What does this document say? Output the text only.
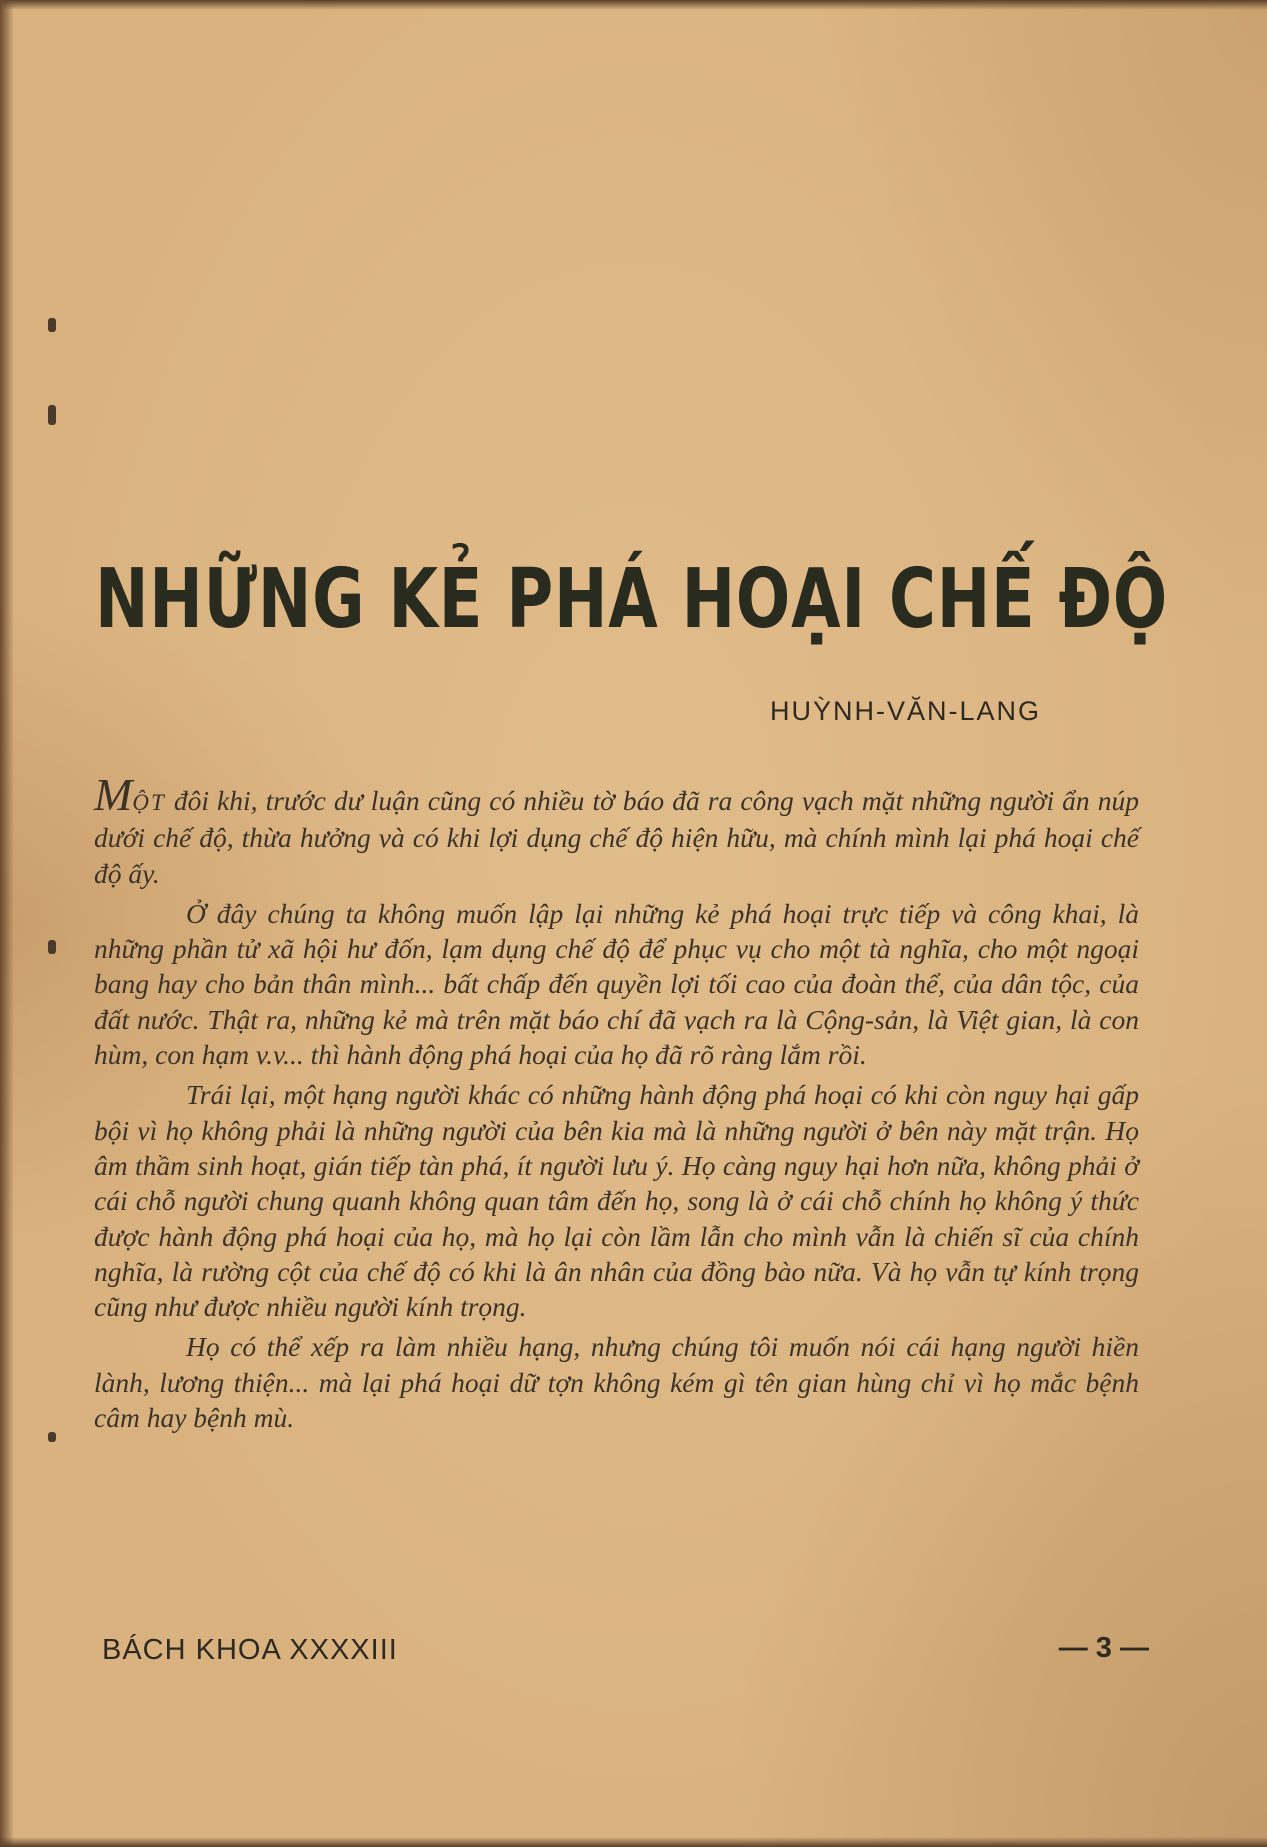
NHỮNG KẺ PHÁ HOẠI CHẾ ĐỘ
HUỲNH-VĂN-LANG

MỘT đôi khi, trước dư luận cũng có nhiều tờ báo đã ra công vạch mặt những người ẩn núp dưới chế độ, thừa hưởng và có khi lợi dụng chế độ hiện hữu, mà chính mình lại phá hoại chế độ ấy.

Ở đây chúng ta không muốn lập lại những kẻ phá hoại trực tiếp và công khai, là những phần tử xã hội hư đốn, lạm dụng chế độ để phục vụ cho một tà nghĩa, cho một ngoại bang hay cho bản thân mình... bất chấp đến quyền lợi tối cao của đoàn thể, của dân tộc, của đất nước. Thật ra, những kẻ mà trên mặt báo chí đã vạch ra là Cộng-sản, là Việt gian, là con hùm, con hạm v.v... thì hành động phá hoại của họ đã rõ ràng lắm rồi.

Trái lại, một hạng người khác có những hành động phá hoại có khi còn nguy hại gấp bội vì họ không phải là những người của bên kia mà là những người ở bên này mặt trận. Họ âm thầm sinh hoạt, gián tiếp tàn phá, ít người lưu ý. Họ càng nguy hại hơn nữa, không phải ở cái chỗ người chung quanh không quan tâm đến họ, song là ở cái chỗ chính họ không ý thức được hành động phá hoại của họ, mà họ lại còn lầm lẫn cho mình vẫn là chiến sĩ của chính nghĩa, là rường cột của chế độ có khi là ân nhân của đồng bào nữa. Và họ vẫn tự kính trọng cũng như được nhiều người kính trọng.

Họ có thể xếp ra làm nhiều hạng, nhưng chúng tôi muốn nói cái hạng người hiền lành, lương thiện... mà lại phá hoại dữ tợn không kém gì tên gian hùng chỉ vì họ mắc bệnh câm hay bệnh mù.

BÁCH KHOA XXXXIII	— 3 —
